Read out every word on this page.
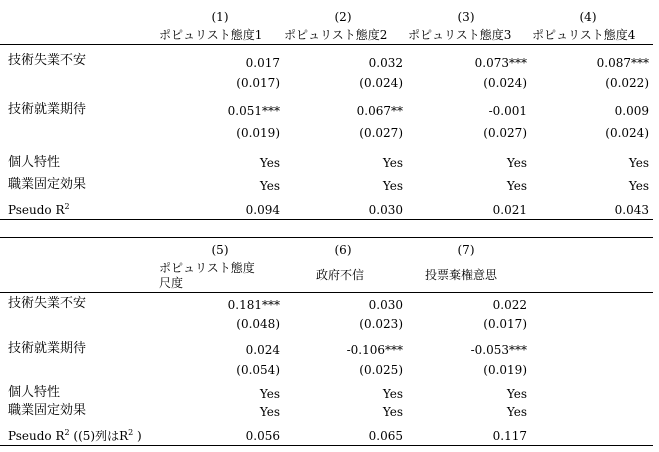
(1)	(2)	(3)	(4)
ポピュリスト態度1 ポピュリスト態度2 ポピュリスト態度3 ポピュリスト態度4
技術失業不安	0.017	0.032	0.073***	0.087***
(0.017)	(0.024)	(0.024)	(0.022)
技術就業期待	0.051***	0.067**	-0.001	0.009
(0.019)	(0.027)	(0.027)	(0.024)
個人特性	Yes	Yes	Yes	Yes
職業固定効果	Yes	Yes	Yes	Yes
Pseudo $R^2$	0.094	0.030	0.021	0.043
(5)	(6)	(7)
ポピュリスト態度
尺度
政府不信	投票棄権意思
技術失業不安	0.181***	0.030	0.022
(0.048)	(0.023)	(0.017)
技術就業期待	0.024	-0.106***	-0.053***
(0.054)	(0.025)	(0.019)
個人特性	Yes	Yes	Yes
職業固定効果	Yes	Yes	Yes
Pseudo $R^2$ ((5)列は$R^2$ )	0.056	0.065	0.117
